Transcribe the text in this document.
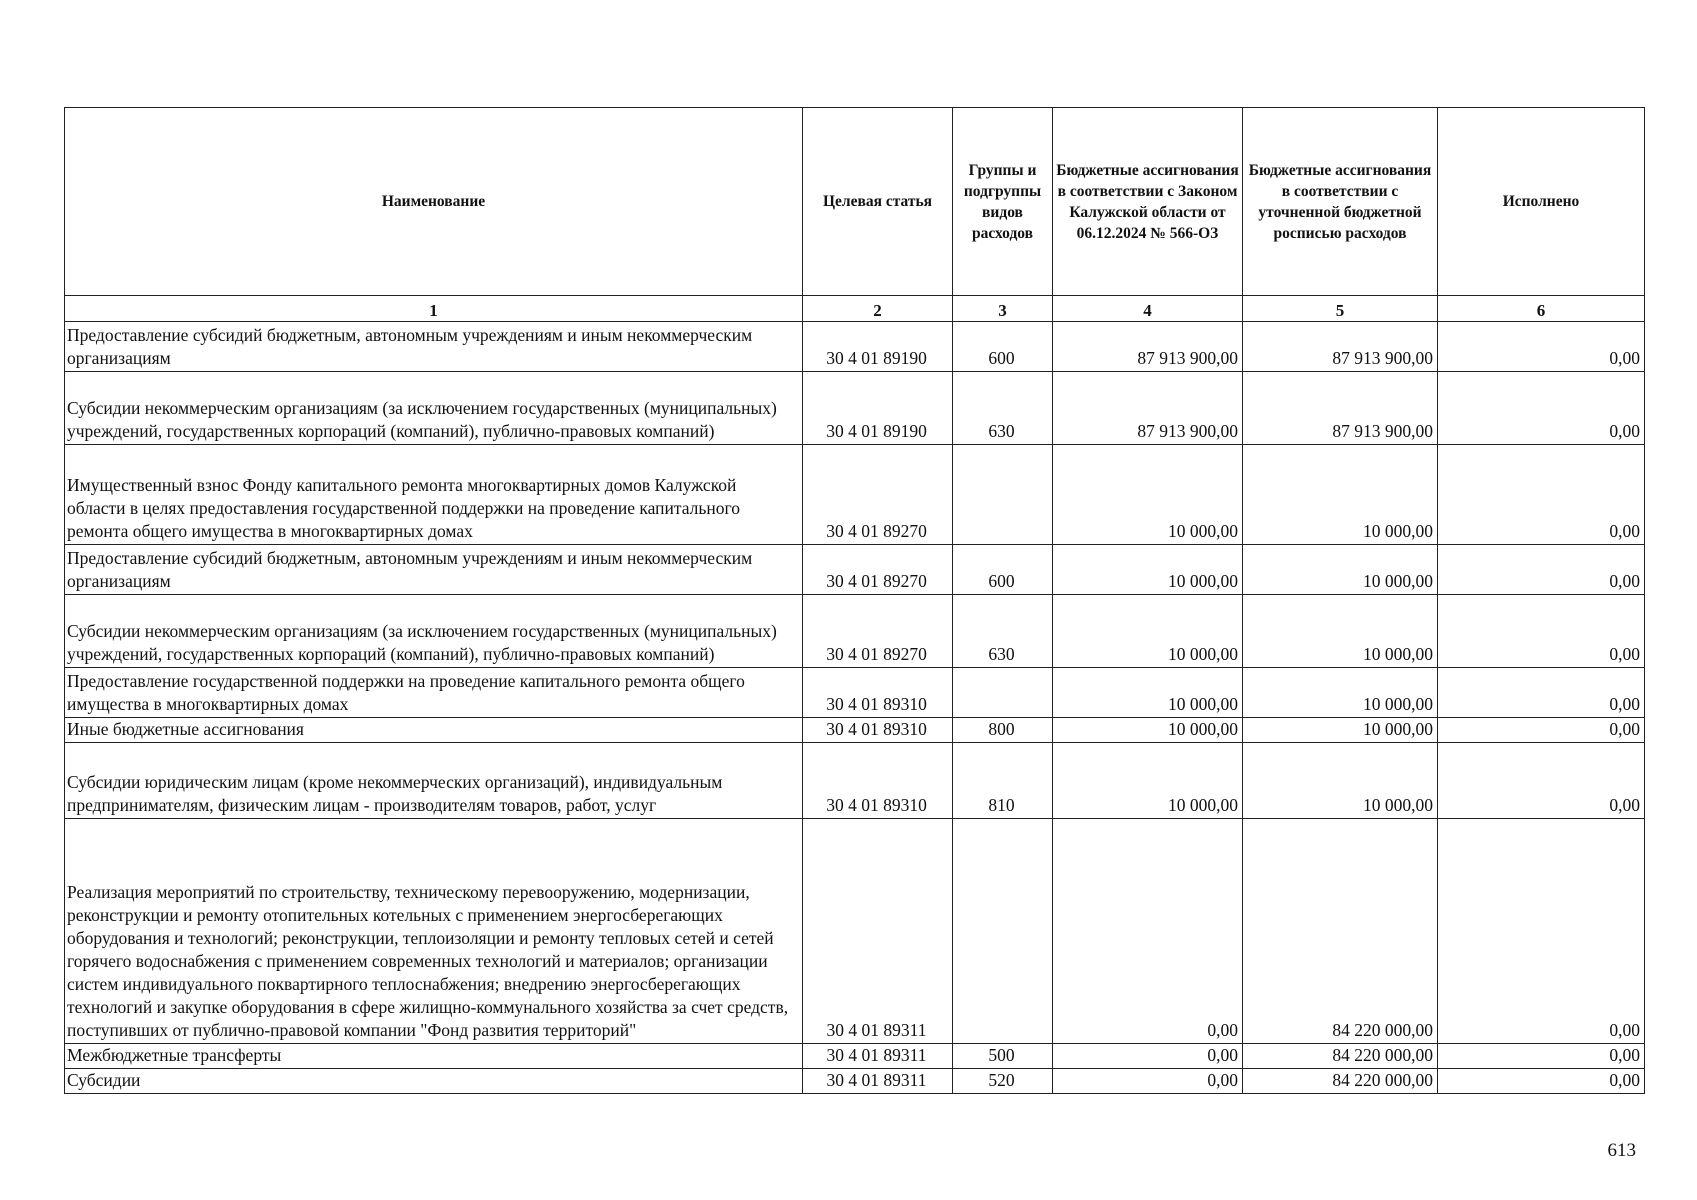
Наименование	Целевая статья	Группы и подгруппы видов расходов	Бюджетные ассигнования в соответствии с Законом Калужской области от 06.12.2024 № 566-ОЗ	Бюджетные ассигнования в соответствии с уточненной бюджетной росписью расходов	Исполнено
1	2	3	4	5	6
Предоставление субсидий бюджетным, автономным учреждениям и иным некоммерческим организациям	30 4 01 89190	600	87 913 900,00	87 913 900,00	0,00
Субсидии некоммерческим организациям (за исключением государственных (муниципальных) учреждений, государственных корпораций (компаний), публично-правовых компаний)	30 4 01 89190	630	87 913 900,00	87 913 900,00	0,00
Имущественный взнос Фонду капитального ремонта многоквартирных домов Калужской области в целях предоставления государственной поддержки на проведение капитального ремонта общего имущества в многоквартирных домах	30 4 01 89270		10 000,00	10 000,00	0,00
Предоставление субсидий бюджетным, автономным учреждениям и иным некоммерческим организациям	30 4 01 89270	600	10 000,00	10 000,00	0,00
Субсидии некоммерческим организациям (за исключением государственных (муниципальных) учреждений, государственных корпораций (компаний), публично-правовых компаний)	30 4 01 89270	630	10 000,00	10 000,00	0,00
Предоставление государственной поддержки на проведение капитального ремонта общего имущества в многоквартирных домах	30 4 01 89310		10 000,00	10 000,00	0,00
Иные бюджетные ассигнования	30 4 01 89310	800	10 000,00	10 000,00	0,00
Субсидии юридическим лицам (кроме некоммерческих организаций), индивидуальным предпринимателям, физическим лицам - производителям товаров, работ, услуг	30 4 01 89310	810	10 000,00	10 000,00	0,00
Реализация мероприятий по строительству, техническому перевооружению, модернизации, реконструкции и ремонту отопительных котельных с применением энергосберегающих оборудования и технологий; реконструкции, теплоизоляции и ремонту тепловых сетей и сетей горячего водоснабжения с применением современных технологий и материалов; организации систем индивидуального поквартирного теплоснабжения; внедрению энергосберегающих технологий и закупке оборудования в сфере жилищно-коммунального хозяйства за счет средств, поступивших от публично-правовой компании "Фонд развития территорий"	30 4 01 89311		0,00	84 220 000,00	0,00
Межбюджетные трансферты	30 4 01 89311	500	0,00	84 220 000,00	0,00
Субсидии	30 4 01 89311	520	0,00	84 220 000,00	0,00
613
